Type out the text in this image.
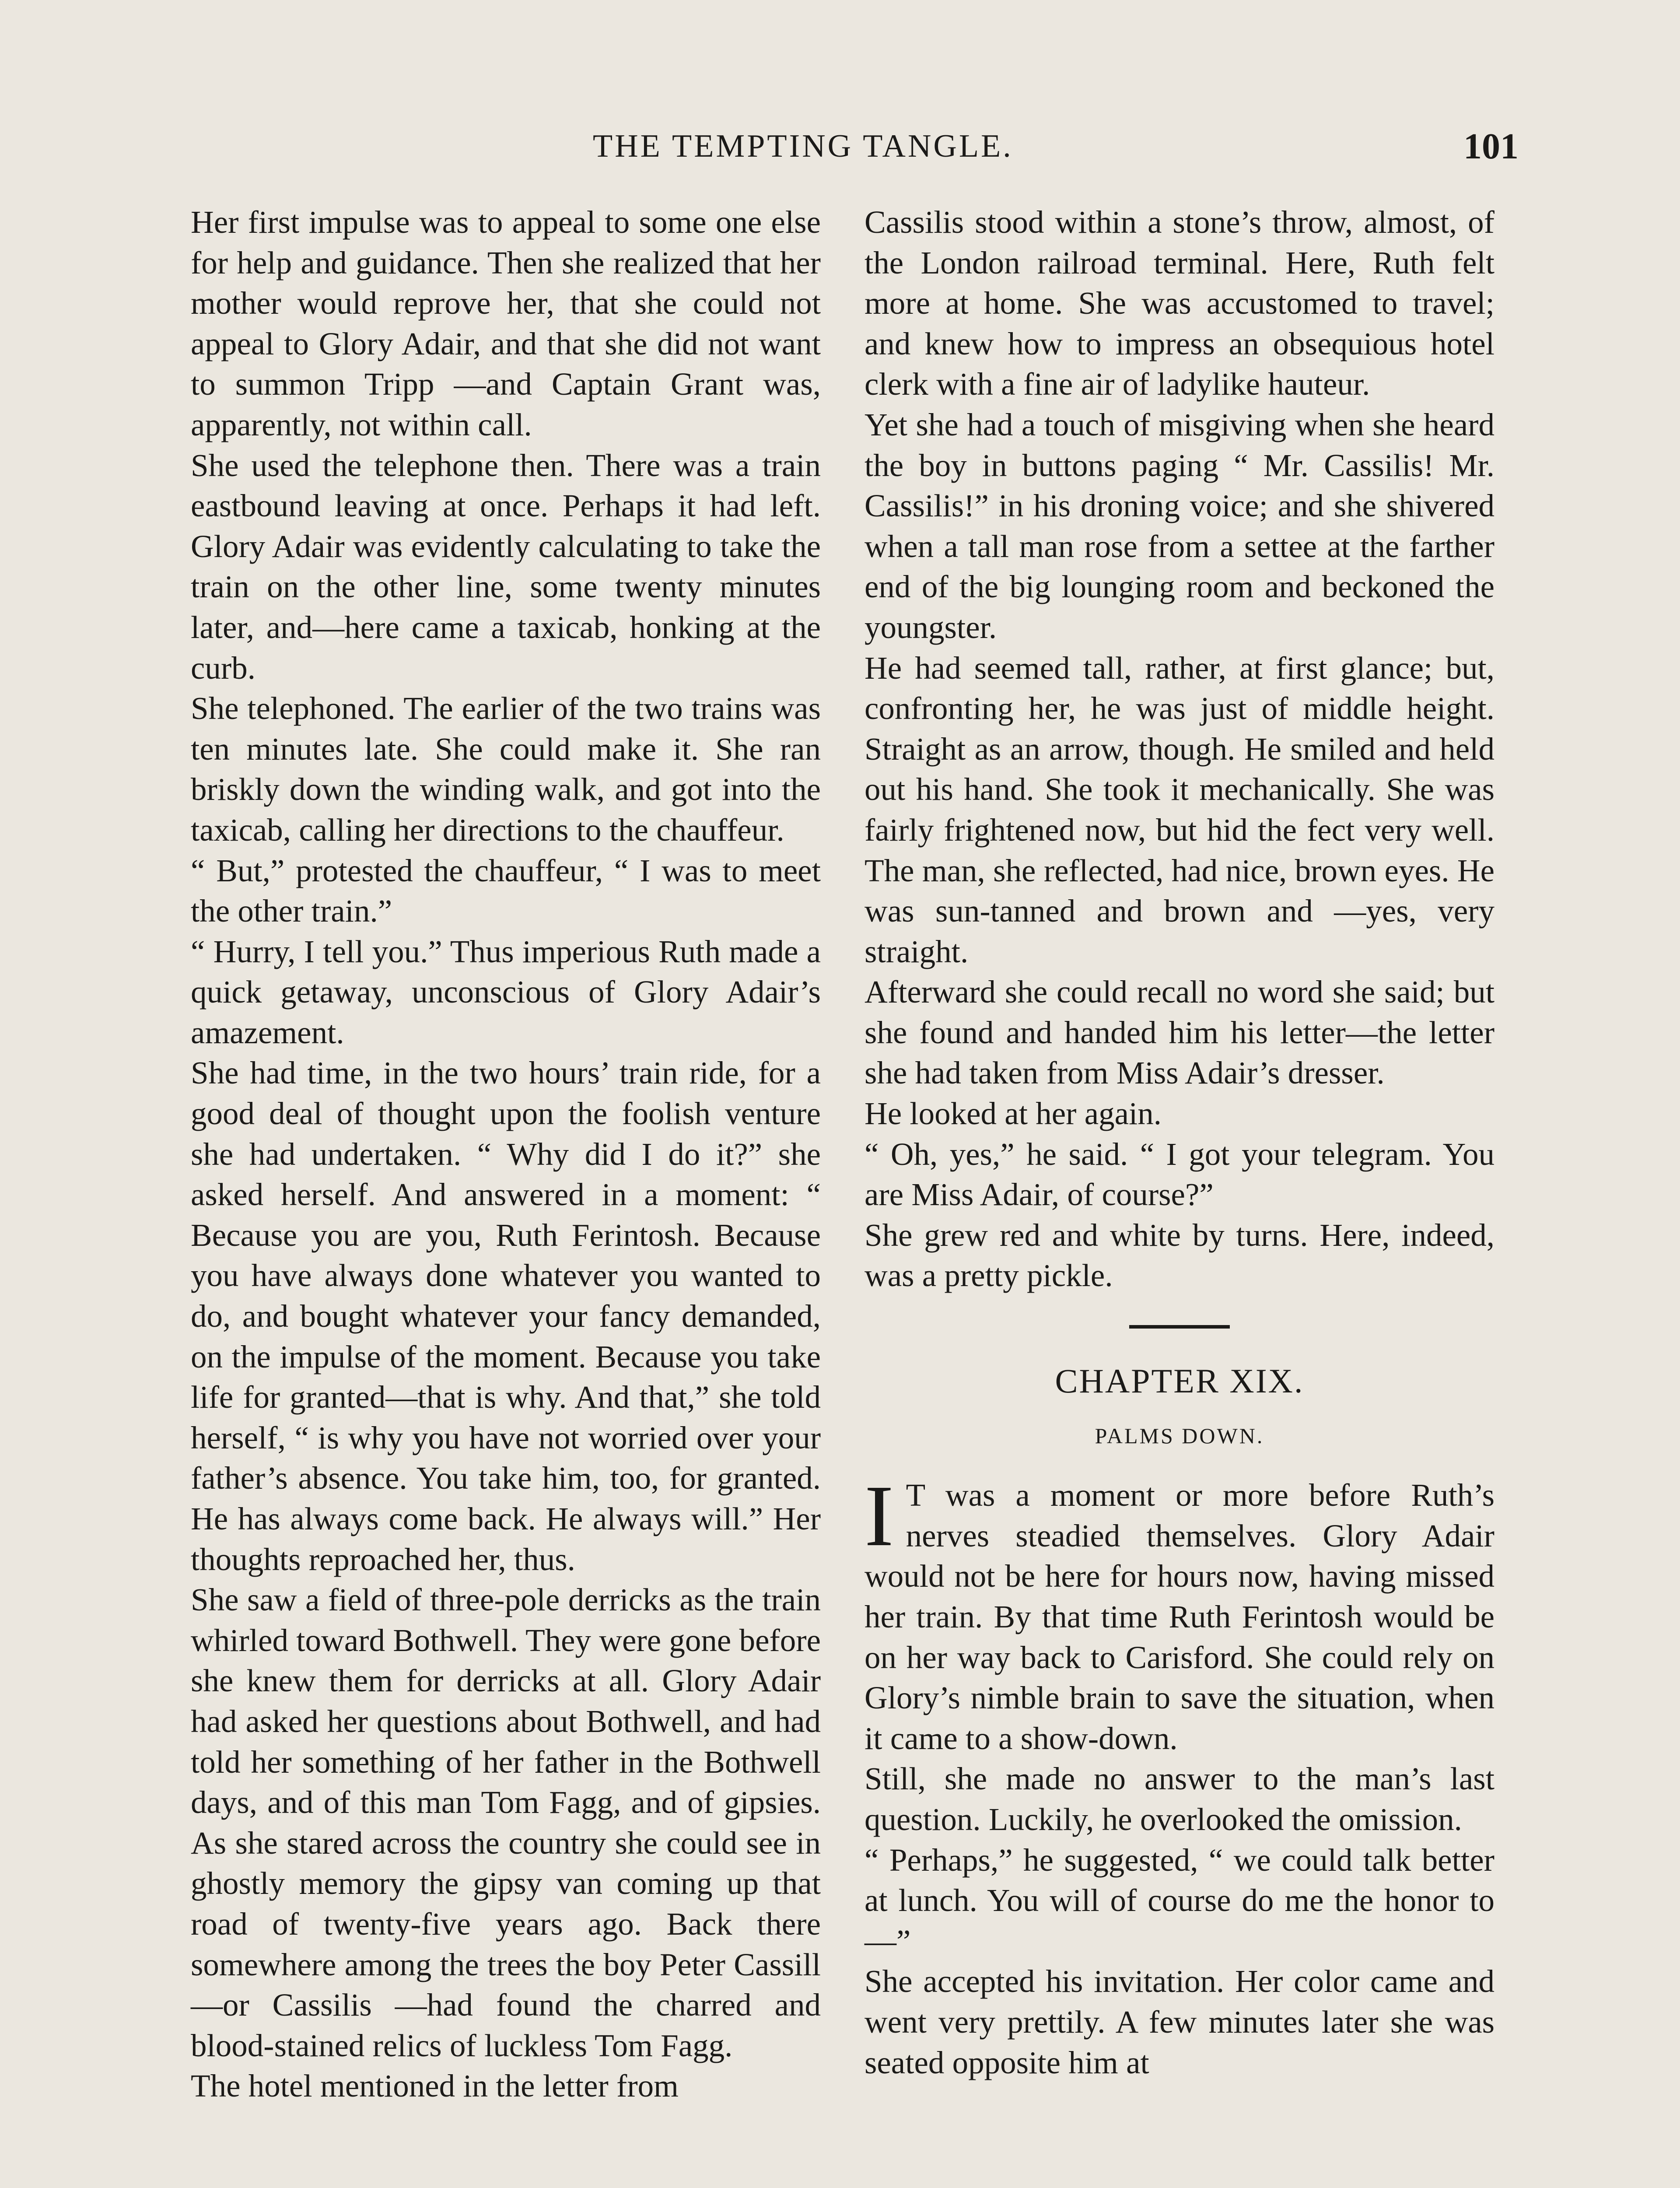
THE TEMPTING TANGLE.	101

Her first impulse was to appeal to some one else for help and guidance. Then she realized that her mother would reprove her, that she could not appeal to Glory Adair, and that she did not want to summon Tripp —and Captain Grant was, apparently, not within call.

She used the telephone then. There was a train eastbound leaving at once. Perhaps it had left. Glory Adair was evidently calculating to take the train on the other line, some twenty minutes later, and—here came a taxicab, honking at the curb.

She telephoned. The earlier of the two trains was ten minutes late. She could make it. She ran briskly down the winding walk, and got into the taxicab, calling her directions to the chauffeur.

“ But,” protested the chauffeur, “ I was to meet the other train.”

“ Hurry, I tell you.” Thus imperious Ruth made a quick getaway, unconscious of Glory Adair’s amazement.

She had time, in the two hours’ train ride, for a good deal of thought upon the foolish venture she had undertaken. “ Why did I do it?” she asked herself. And answered in a moment: “ Because you are you, Ruth Ferintosh. Because you have always done whatever you wanted to do, and bought whatever your fancy demanded, on the impulse of the moment. Because you take life for granted—that is why. And that,” she told herself, “ is why you have not worried over your father’s absence. You take him, too, for granted. He has always come back. He always will.” Her thoughts reproached her, thus.

She saw a field of three-pole derricks as the train whirled toward Bothwell. They were gone before she knew them for derricks at all. Glory Adair had asked her questions about Bothwell, and had told her something of her father in the Bothwell days, and of this man Tom Fagg, and of gipsies. As she stared across the country she could see in ghostly memory the gipsy van coming up that road of twenty-five years ago. Back there somewhere among the trees the boy Peter Cassill—or Cassilis —had found the charred and blood-stained relics of luckless Tom Fagg.

The hotel mentioned in the letter from

Cassilis stood within a stone’s throw, almost, of the London railroad terminal. Here, Ruth felt more at home. She was accustomed to travel; and knew how to impress an obsequious hotel clerk with a fine air of ladylike hauteur.

Yet she had a touch of misgiving when she heard the boy in buttons paging “ Mr. Cassilis! Mr. Cassilis!” in his droning voice; and she shivered when a tall man rose from a settee at the farther end of the big lounging room and beckoned the youngster.

He had seemed tall, rather, at first glance; but, confronting her, he was just of middle height. Straight as an arrow, though. He smiled and held out his hand. She took it mechanically. She was fairly frightened now, but hid the fect very well. The man, she reflected, had nice, brown eyes. He was sun-tanned and brown and —yes, very straight.

Afterward she could recall no word she said; but she found and handed him his letter—the letter she had taken from Miss Adair’s dresser.

He looked at her again.

“ Oh, yes,” he said. “ I got your telegram. You are Miss Adair, of course?”

She grew red and white by turns. Here, indeed, was a pretty pickle.

CHAPTER XIX.
PALMS DOWN.

I T was a moment or more before Ruth’s nerves steadied themselves. Glory Adair would not be here for hours now, having missed her train. By that time Ruth Ferintosh would be on her way back to Carisford. She could rely on Glory’s nimble brain to save the situation, when it came to a show-down.

Still, she made no answer to the man’s last question. Luckily, he overlooked the omission.

“ Perhaps,” he suggested, “ we could talk better at lunch. You will of course do me the honor to—”

She accepted his invitation. Her color came and went very prettily. A few minutes later she was seated opposite him at
